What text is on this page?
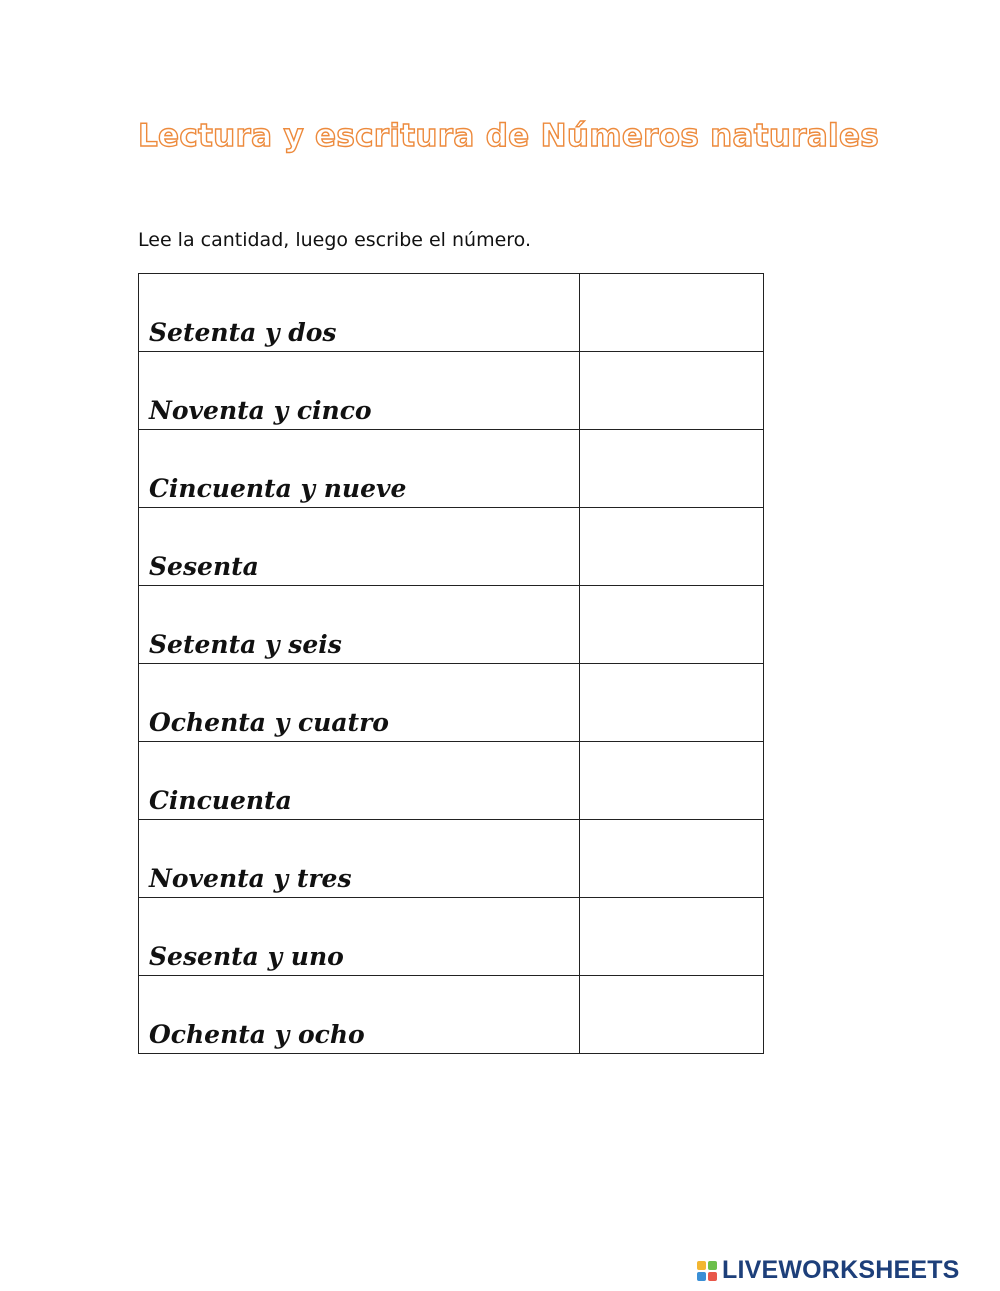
Lectura y escritura de Números naturales
Lee la cantidad, luego escribe el número.
Setenta y dos

Noventa y cinco

Cincuenta y nueve

Sesenta

Setenta y seis

Ochenta y cuatro

Cincuenta

Noventa y tres

Sesenta y uno

Ochenta y ocho

LIVEWORKSHEETS
